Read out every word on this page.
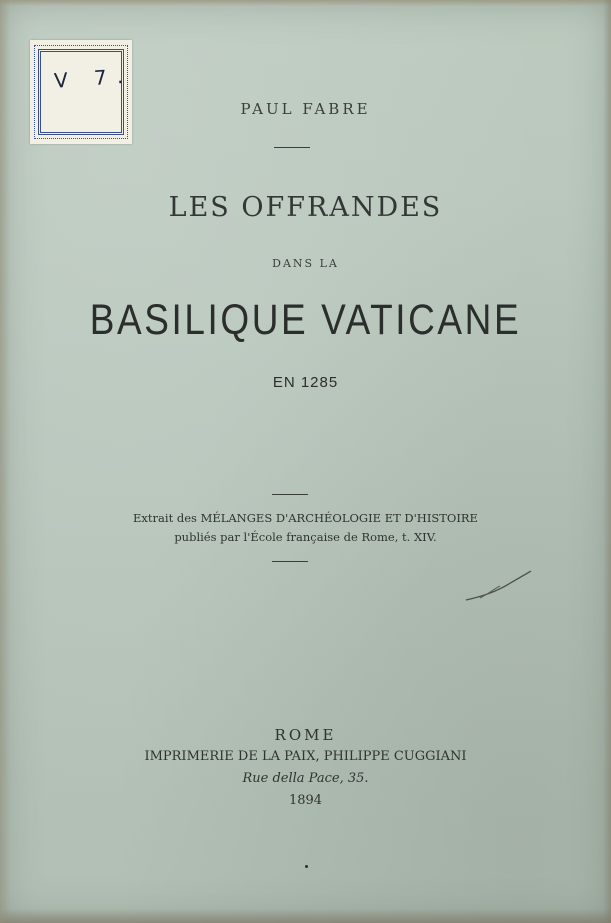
V 7.
PAUL FABRE
LES OFFRANDES
DANS LA
BASILIQUE VATICANE
EN 1285
Extrait des MÉLANGES D'ARCHÉOLOGIE ET D'HISTOIRE
publiés par l'École française de Rome, t. XIV.
ROME
IMPRIMERIE DE LA PAIX, PHILIPPE CUGGIANI
Rue della Pace, 35.
1894
